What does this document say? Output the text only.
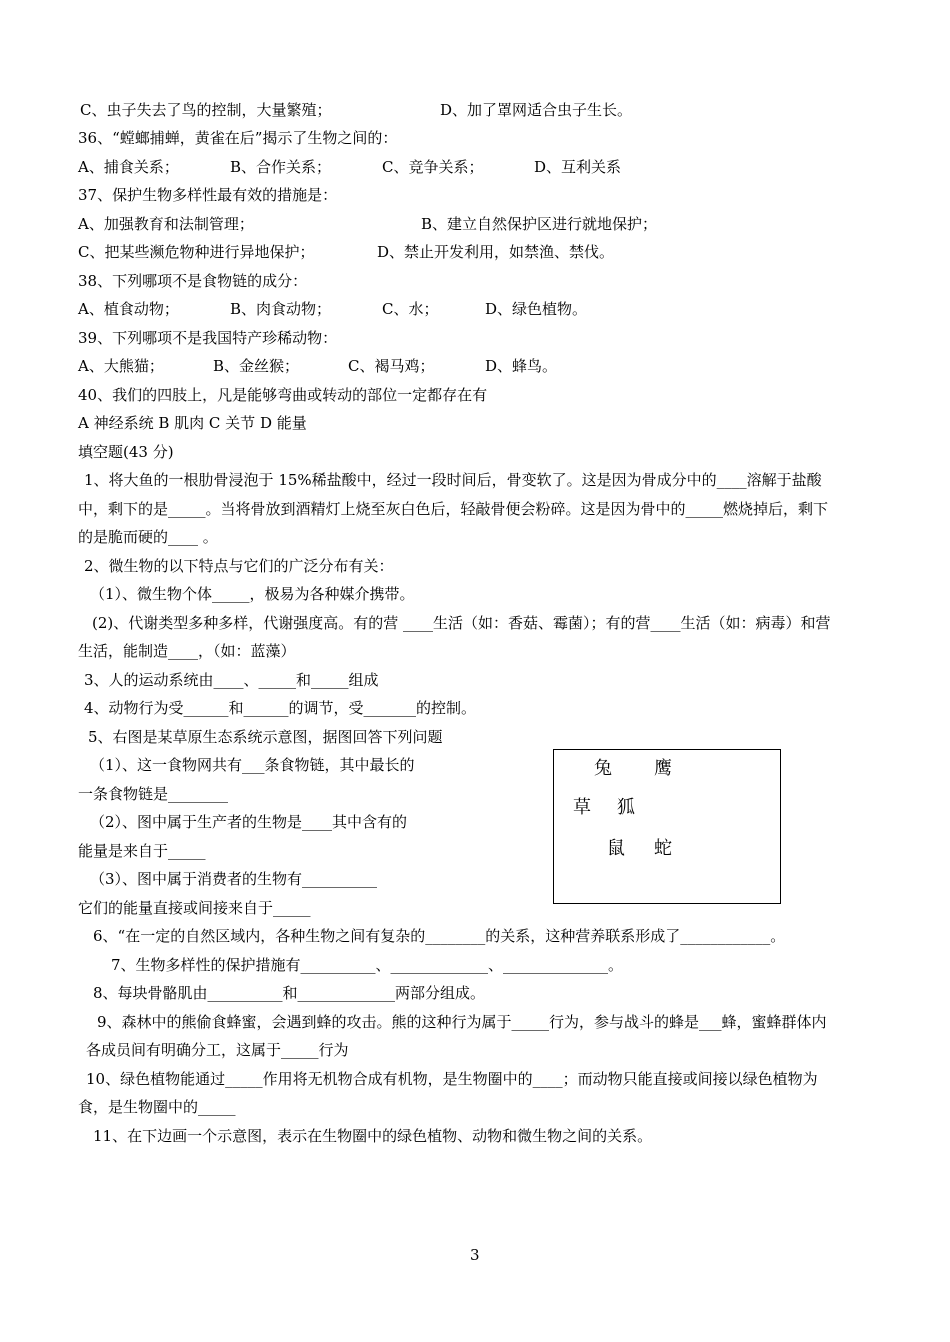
C、虫子失去了鸟的控制，大量繁殖；	D、加了罩网适合虫子生长。
36、“螳螂捕蝉，黄雀在后”揭示了生物之间的：
A、捕食关系；	B、合作关系；	C、竞争关系；	D、互利关系
37、保护生物多样性最有效的措施是：
A、加强教育和法制管理；	B、建立自然保护区进行就地保护；
C、把某些濒危物种进行异地保护；	D、禁止开发利用，如禁渔、禁伐。
38、下列哪项不是食物链的成分：
A、植食动物；	B、肉食动物；	C、水；	D、绿色植物。
39、下列哪项不是我国特产珍稀动物：
A、大熊猫；	B、金丝猴；	C、褐马鸡；	D、蜂鸟。
40、我们的四肢上，凡是能够弯曲或转动的部位一定都存在有
A 神经系统 B 肌肉 C 关节 D 能量
填空题(43 分)
1、将大鱼的一根肋骨浸泡于 15%稀盐酸中，经过一段时间后，骨变软了。这是因为骨成分中的____溶解于盐酸
中，剩下的是_____。当将骨放到酒精灯上烧至灰白色后，轻敲骨便会粉碎。这是因为骨中的_____燃烧掉后，剩下
的是脆而硬的____ 。
2、微生物的以下特点与它们的广泛分布有关：
（1）、微生物个体_____，极易为各种媒介携带。
(2)、代谢类型多种多样，代谢强度高。有的营 ____生活（如：香菇、霉菌）；有的营____生活（如：病毒）和营
生活，能制造____，（如：蓝藻）
3、人的运动系统由____、_____和_____组成
4、动物行为受______和______的调节，受_______的控制。
5、右图是某草原生态系统示意图，据图回答下列问题
（1）、这一食物网共有___条食物链，其中最长的
一条食物链是________
（2）、图中属于生产者的生物是____其中含有的
能量是来自于_____
（3）、图中属于消费者的生物有__________
它们的能量直接或间接来自于_____
兔 鹰
草 狐
鼠 蛇
6、“在一定的自然区域内，各种生物之间有复杂的________的关系，这种营养联系形成了____________。
7、生物多样性的保护措施有__________、_____________、______________。
8、每块骨骼肌由__________和_____________两部分组成。
9、森林中的熊偷食蜂蜜，会遇到蜂的攻击。熊的这种行为属于_____行为，参与战斗的蜂是___蜂，蜜蜂群体内
各成员间有明确分工，这属于_____行为
10、绿色植物能通过_____作用将无机物合成有机物，是生物圈中的____；而动物只能直接或间接以绿色植物为
食，是生物圈中的_____
11、在下边画一个示意图，表示在生物圈中的绿色植物、动物和微生物之间的关系。
3
